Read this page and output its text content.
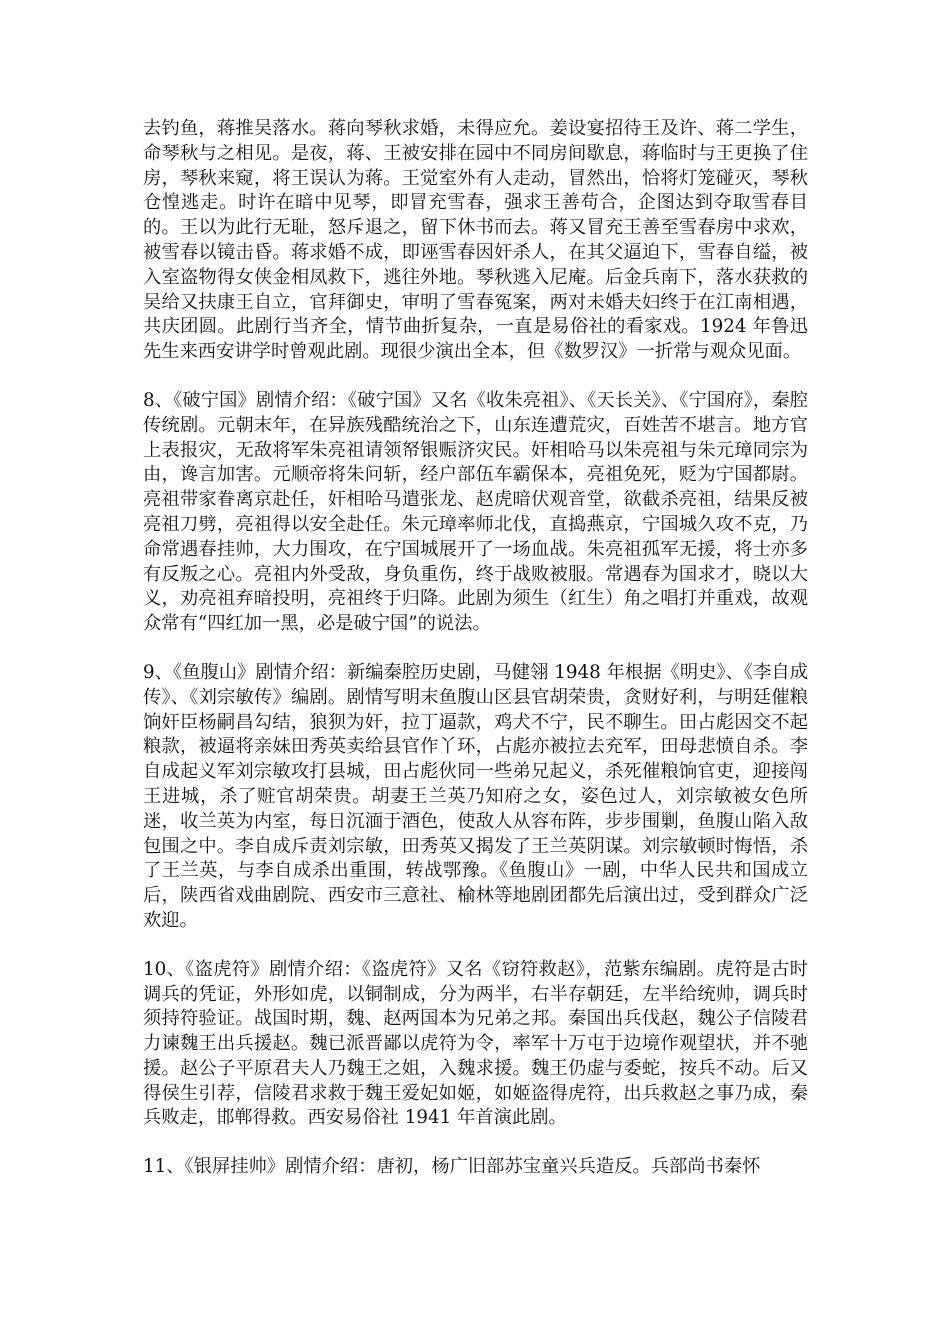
去钓鱼，蒋推吴落水。蒋向琴秋求婚，未得应允。姜设宴招待王及许、蒋二学生，命琴秋与之相见。是夜，蒋、王被安排在园中不同房间歇息，蒋临时与王更换了住房，琴秋来窥，将王误认为蒋。王觉室外有人走动，冒然出，恰将灯笼碰灭，琴秋仓惶逃走。时许在暗中见琴，即冒充雪春，强求王善苟合，企图达到夺取雪春目的。王以为此行无耻，怒斥退之，留下休书而去。蒋又冒充王善至雪春房中求欢，被雪春以镜击昏。蒋求婚不成，即诬雪春因奸杀人，在其父逼迫下，雪春自缢，被入室盗物得女侠金相凤救下，逃往外地。琴秋逃入尼庵。后金兵南下，落水获救的吴给又扶康王自立，官拜御史，审明了雪春冤案，两对未婚夫妇终于在江南相遇，共庆团圆。此剧行当齐全，情节曲折复杂，一直是易俗社的看家戏。1924 年鲁迅先生来西安讲学时曾观此剧。现很少演出全本，但《数罗汉》一折常与观众见面。

8、《破宁国》剧情介绍：《破宁国》又名《收朱亮祖》、《天长关》、《宁国府》，秦腔传统剧。元朝末年，在异族残酷统治之下，山东连遭荒灾，百姓苦不堪言。地方官上表报灾，无敌将军朱亮祖请领帑银赈济灾民。奸相哈马以朱亮祖与朱元璋同宗为由，谗言加害。元顺帝将朱问斩，经户部伍车霸保本，亮祖免死，贬为宁国都尉。亮祖带家眷离京赴任，奸相哈马遣张龙、赵虎暗伏观音堂，欲截杀亮祖，结果反被亮祖刀劈，亮祖得以安全赴任。朱元璋率师北伐，直捣燕京，宁国城久攻不克，乃命常遇春挂帅，大力围攻，在宁国城展开了一场血战。朱亮祖孤军无援，将士亦多有反叛之心。亮祖内外受敌，身负重伤，终于战败被服。常遇春为国求才，晓以大义，劝亮祖弃暗投明，亮祖终于归降。此剧为须生（红生）角之唱打并重戏，故观众常有“四红加一黑，必是破宁国”的说法。

9、《鱼腹山》剧情介绍：新编秦腔历史剧，马健翎 1948 年根据《明史》、《李自成传》、《刘宗敏传》编剧。剧情写明末鱼腹山区县官胡荣贵，贪财好利，与明廷催粮饷奸臣杨嗣昌勾结，狼狈为奸，拉丁逼款，鸡犬不宁，民不聊生。田占彪因交不起粮款，被逼将亲妹田秀英卖给县官作丫环，占彪亦被拉去充军，田母悲愤自杀。李自成起义军刘宗敏攻打县城，田占彪伙同一些弟兄起义，杀死催粮饷官吏，迎接闯王进城，杀了赃官胡荣贵。胡妻王兰英乃知府之女，姿色过人，刘宗敏被女色所迷，收兰英为内室，每日沉湎于酒色，使敌人从容布阵，步步围剿，鱼腹山陷入敌包围之中。李自成斥责刘宗敏，田秀英又揭发了王兰英阴谋。刘宗敏顿时悔悟，杀了王兰英，与李自成杀出重围，转战鄂豫。《鱼腹山》一剧，中华人民共和国成立后，陕西省戏曲剧院、西安市三意社、榆林等地剧团都先后演出过，受到群众广泛欢迎。

10、《盗虎符》剧情介绍：《盗虎符》又名《窃符救赵》，范紫东编剧。虎符是古时调兵的凭证，外形如虎，以铜制成，分为两半，右半存朝廷，左半给统帅，调兵时须持符验证。战国时期，魏、赵两国本为兄弟之邦。秦国出兵伐赵，魏公子信陵君力谏魏王出兵援赵。魏已派晋鄙以虎符为令，率军十万屯于边境作观望状，并不驰援。赵公子平原君夫人乃魏王之姐，入魏求援。魏王仍虚与委蛇，按兵不动。后又得侯生引荐，信陵君求救于魏王爱妃如姬，如姬盗得虎符，出兵救赵之事乃成，秦兵败走，邯郸得救。西安易俗社 1941 年首演此剧。

11、《银屏挂帅》剧情介绍：唐初，杨广旧部苏宝童兴兵造反。兵部尚书秦怀
